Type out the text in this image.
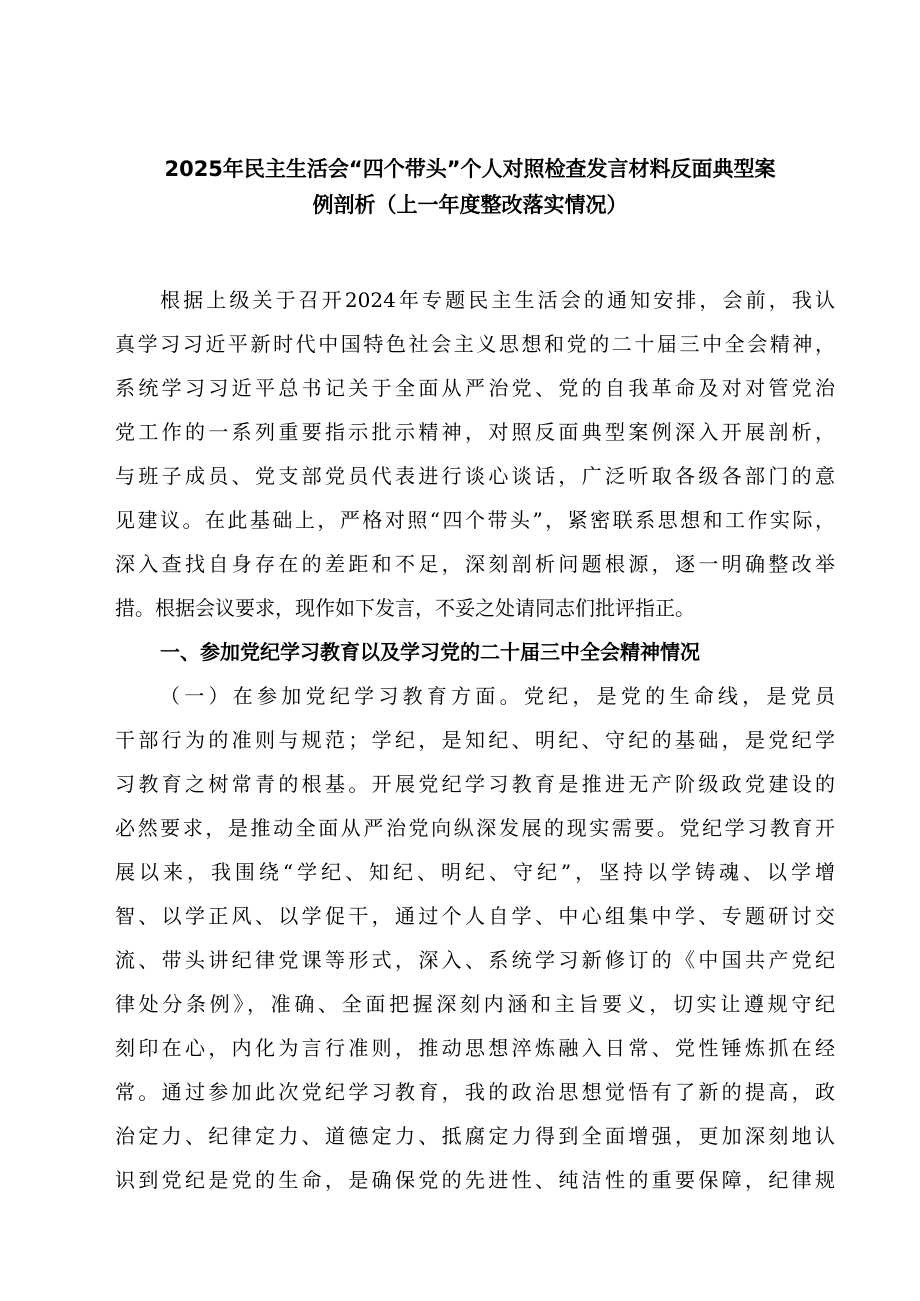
2025年民主生活会“四个带头”个人对照检查发言材料反面典型案
例剖析（上一年度整改落实情况）
根据上级关于召开2024年专题民主生活会的通知安排，会前，我认
真学习习近平新时代中国特色社会主义思想和党的二十届三中全会精神，
系统学习习近平总书记关于全面从严治党、党的自我革命及对对管党治
党工作的一系列重要指示批示精神，对照反面典型案例深入开展剖析，
与班子成员、党支部党员代表进行谈心谈话，广泛听取各级各部门的意
见建议。在此基础上，严格对照“四个带头”，紧密联系思想和工作实际，
深入查找自身存在的差距和不足，深刻剖析问题根源，逐一明确整改举
措。根据会议要求，现作如下发言，不妥之处请同志们批评指正。
一、参加党纪学习教育以及学习党的二十届三中全会精神情况
（一）在参加党纪学习教育方面。党纪，是党的生命线，是党员
干部行为的准则与规范；学纪，是知纪、明纪、守纪的基础，是党纪学
习教育之树常青的根基。开展党纪学习教育是推进无产阶级政党建设的
必然要求，是推动全面从严治党向纵深发展的现实需要。党纪学习教育开
展以来，我围绕“学纪、知纪、明纪、守纪”，坚持以学铸魂、以学增
智、以学正风、以学促干，通过个人自学、中心组集中学、专题研讨交
流、带头讲纪律党课等形式，深入、系统学习新修订的《中国共产党纪
律处分条例》，准确、全面把握深刻内涵和主旨要义，切实让遵规守纪
刻印在心，内化为言行准则，推动思想淬炼融入日常、党性锤炼抓在经
常。通过参加此次党纪学习教育，我的政治思想觉悟有了新的提高，政
治定力、纪律定力、道德定力、抵腐定力得到全面增强，更加深刻地认
识到党纪是党的生命，是确保党的先进性、纯洁性的重要保障，纪律规
